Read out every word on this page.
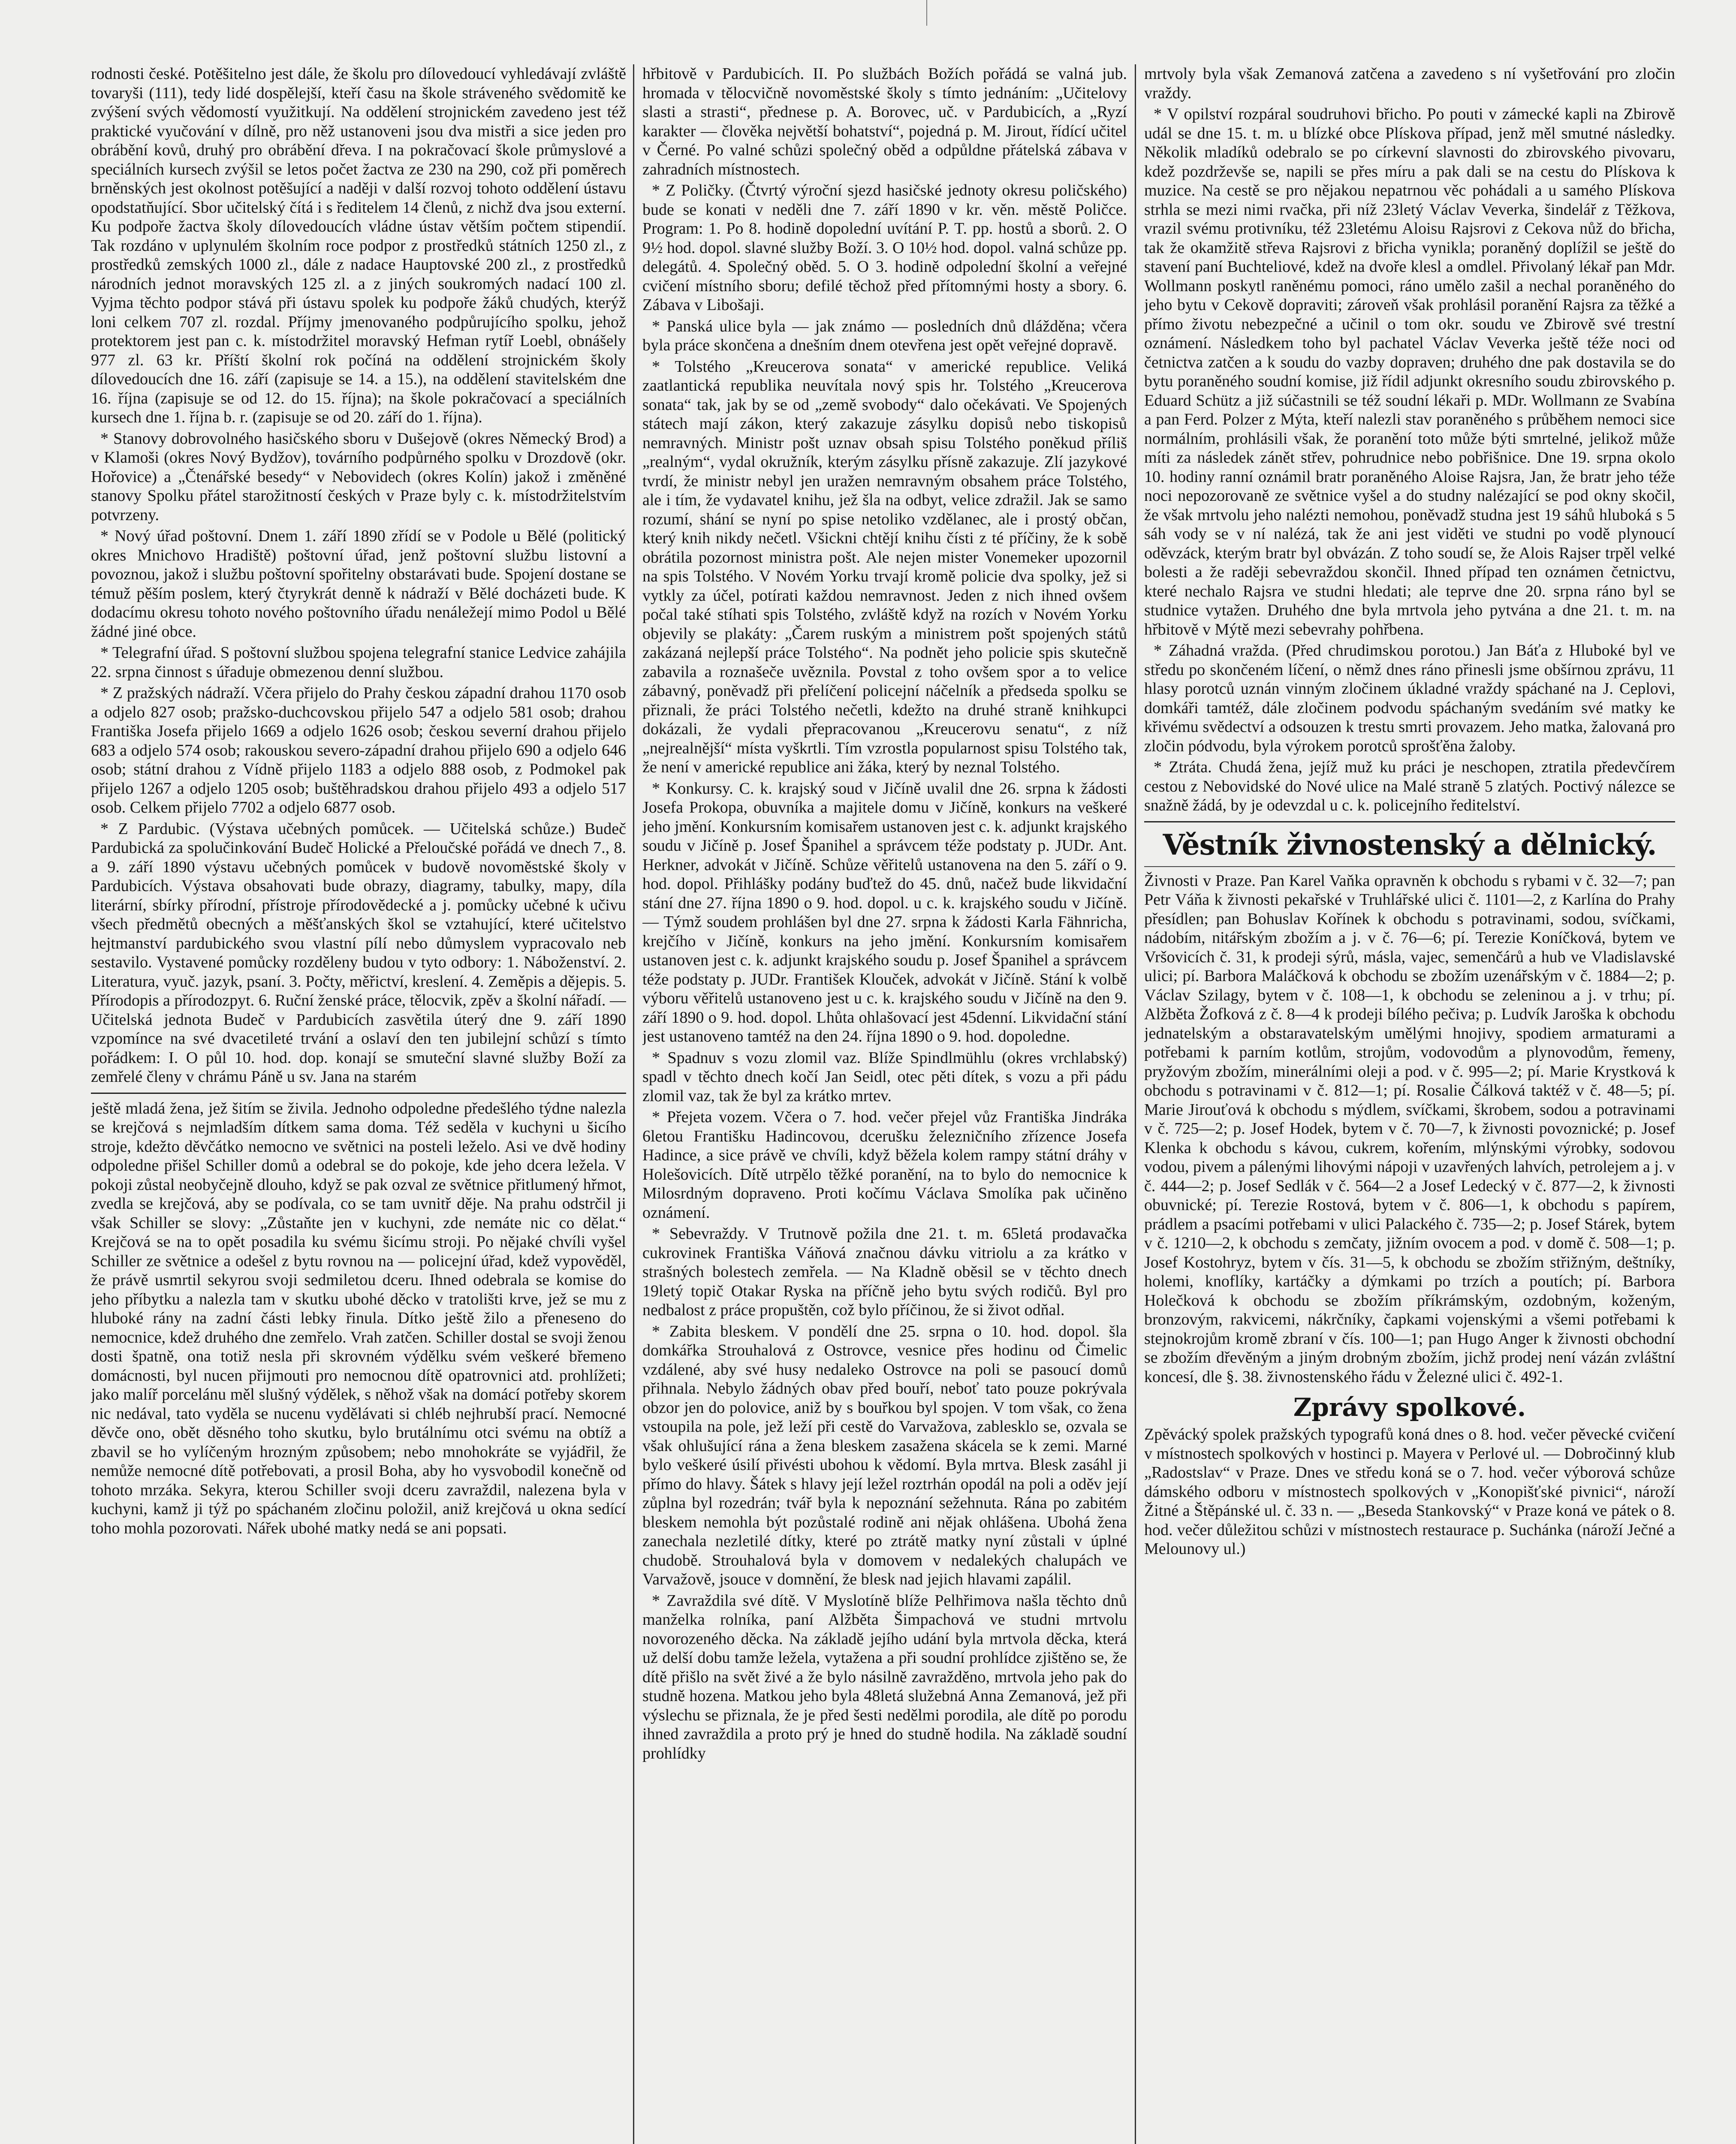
rodnosti české. Potěšitelno jest dále, že školu pro dílovedoucí vyhledávají zvláště tovaryši (111), tedy lidé dospělejší, kteří času na škole stráveného svědomitě ke zvýšení svých vědomostí využitkují. Na oddělení strojnickém zavedeno jest též praktické vyučování v dílně, pro něž ustanoveni jsou dva mistři a sice jeden pro obrábění kovů, druhý pro obrábění dřeva. I na pokračovací škole průmyslové a speciálních kursech zvýšil se letos počet žactva ze 230 na 290, což při poměrech brněnských jest okolnost potěšující a naději v další rozvoj tohoto oddělení ústavu opodstatňující. Sbor učitelský čítá i s ředitelem 14 členů, z nichž dva jsou externí. Ku podpoře žactva školy dílovedoucích vládne ústav větším počtem stipendií. Tak rozdáno v uplynulém školním roce podpor z prostředků státních 1250 zl., z prostředků zemských 1000 zl., dále z nadace Hauptovské 200 zl., z prostředků národních jednot moravských 125 zl. a z jiných soukromých nadací 100 zl. Vyjma těchto podpor stává při ústavu spolek ku podpoře žáků chudých, kterýž loni celkem 707 zl. rozdal. Příjmy jmenovaného podpůrujícího spolku, jehož protektorem jest pan c. k. místodržitel moravský Hefman rytíř Loebl, obnášely 977 zl. 63 kr. Příští školní rok počíná na oddělení strojnickém školy dílovedoucích dne 16. září (zapisuje se 14. a 15.), na oddělení stavitelském dne 16. října (zapisuje se od 12. do 15. října); na škole pokračovací a speciálních kursech dne 1. října b. r. (zapisuje se od 20. září do 1. října).

* Stanovy dobrovolného hasičského sboru v Dušejově (okres Německý Brod) a v Klamoši (okres Nový Bydžov), továrního podpůrného spolku v Drozdově (okr. Hořovice) a „Čtenářské besedy“ v Nebovidech (okres Kolín) jakož i změněné stanovy Spolku přátel starožitností českých v Praze byly c. k. místodržitelstvím potvrzeny.

* Nový úřad poštovní. Dnem 1. září 1890 zřídí se v Podole u Bělé (politický okres Mnichovo Hradiště) poštovní úřad, jenž poštovní službu listovní a povoznou, jakož i službu poštovní spořitelny obstarávati bude. Spojení dostane se témuž pěším poslem, který čtyrykrát denně k nádraží v Bělé docházeti bude. K dodacímu okresu tohoto nového poštovního úřadu nenáležejí mimo Podol u Bělé žádné jiné obce.

* Telegrafní úřad. S poštovní službou spojena telegrafní stanice Ledvice zahájila 22. srpna činnost s úřaduje obmezenou denní službou.

* Z pražských nádraží. Včera přijelo do Prahy českou západní drahou 1170 osob a odjelo 827 osob; pražsko-duchcovskou přijelo 547 a odjelo 581 osob; drahou Františka Josefa přijelo 1669 a odjelo 1626 osob; českou severní drahou přijelo 683 a odjelo 574 osob; rakouskou severo-západní drahou přijelo 690 a odjelo 646 osob; státní drahou z Vídně přijelo 1183 a odjelo 888 osob, z Podmokel pak přijelo 1267 a odjelo 1205 osob; buštěhradskou drahou přijelo 493 a odjelo 517 osob. Celkem přijelo 7702 a odjelo 6877 osob.

* Z Pardubic. (Výstava učebných pomůcek. — Učitelská schůze.) Budeč Pardubická za spolučinkování Budeč Holické a Přeloučské pořádá ve dnech 7., 8. a 9. září 1890 výstavu učebných pomůcek v budově novoměstské školy v Pardubicích. Výstava obsahovati bude obrazy, diagramy, tabulky, mapy, díla literární, sbírky přírodní, přístroje přírodovědecké a j. pomůcky učebné k učivu všech předmětů obecných a měšťanských škol se vztahující, které učitelstvo hejtmanství pardubického svou vlastní pílí nebo důmyslem vypracovalo neb sestavilo. Vystavené pomůcky rozděleny budou v tyto odbory: 1. Náboženství. 2. Literatura, vyuč. jazyk, psaní. 3. Počty, měřictví, kreslení. 4. Zeměpis a dějepis. 5. Přírodopis a přírodozpyt. 6. Ruční ženské práce, tělocvik, zpěv a školní nářadí. — Učitelská jednota Budeč v Pardubicích zasvětila úterý dne 9. září 1890 vzpomínce na své dvacetileté trvání a oslaví den ten jubilejní schůzí s tímto pořádkem: I. O půl 10. hod. dop. konají se smuteční slavné služby Boží za zemřelé členy v chrámu Páně u sv. Jana na starém

ještě mladá žena, jež šitím se živila. Jednoho odpoledne předešlého týdne nalezla se krejčová s nejmladším dítkem sama doma. Též seděla v kuchyni u šicího stroje, kdežto děvčátko nemocno ve světnici na posteli leželo. Asi ve dvě hodiny odpoledne přišel Schiller domů a odebral se do pokoje, kde jeho dcera ležela. V pokoji zůstal neobyčejně dlouho, když se pak ozval ze světnice přitlumený hřmot, zvedla se krejčová, aby se podívala, co se tam uvnitř děje. Na prahu odstrčil ji však Schiller se slovy: „Zůstaňte jen v kuchyni, zde nemáte nic co dělat.“ Krejčová se na to opět posadila ku svému šicímu stroji. Po nějaké chvíli vyšel Schiller ze světnice a odešel z bytu rovnou na — policejní úřad, kdež vypověděl, že právě usmrtil sekyrou svoji sedmiletou dceru. Ihned odebrala se komise do jeho příbytku a nalezla tam v skutku ubohé děcko v tratolišti krve, jež se mu z hluboké rány na zadní části lebky řinula. Dítko ještě žilo a přeneseno do nemocnice, kdež druhého dne zemřelo. Vrah zatčen. Schiller dostal se svoji ženou dosti špatně, ona totiž nesla při skrovném výdělku svém veškeré břemeno domácnosti, byl nucen přijmouti pro nemocnou dítě opatrovnici atd. prohlížeti; jako malíř porcelánu měl slušný výdělek, s něhož však na domácí potřeby skorem nic nedával, tato vyděla se nucenu vydělávati si chléb nejhrubší prací. Nemocné děvče ono, obět děsného toho skutku, bylo brutálnímu otci svému na obtíž a zbavil se ho vylíčeným hrozným způsobem; nebo mnohokráte se vyjádřil, že nemůže nemocné dítě potřebovati, a prosil Boha, aby ho vysvobodil konečně od tohoto mrzáka. Sekyra, kterou Schiller svoji dceru zavraždil, nalezena byla v kuchyni, kamž ji týž po spáchaném zločinu položil, aniž krejčová u okna sedící toho mohla pozorovati. Nářek ubohé matky nedá se ani popsati.

hřbitově v Pardubicích. II. Po službách Božích pořádá se valná jub. hromada v tělocvičně novoměstské školy s tímto jednáním: „Učitelovy slasti a strasti“, přednese p. A. Borovec, uč. v Pardubicích, a „Ryzí karakter — člověka největší bohatství“, pojedná p. M. Jirout, řídící učitel v Černé. Po valné schůzi společný oběd a odpůldne přátelská zábava v zahradních místnostech.

* Z Poličky. (Čtvrtý výroční sjezd hasičské jednoty okresu poličského) bude se konati v neděli dne 7. září 1890 v kr. věn. městě Poličce. Program: 1. Po 8. hodině dopolední uvítání P. T. pp. hostů a sborů. 2. O 9½ hod. dopol. slavné služby Boží. 3. O 10½ hod. dopol. valná schůze pp. delegátů. 4. Společný oběd. 5. O 3. hodině odpolední školní a veřejné cvičení místního sboru; defilé těchož před přítomnými hosty a sbory. 6. Zábava v Libošaji.

* Panská ulice byla — jak známo — posledních dnů dlážděna; včera byla práce skončena a dnešním dnem otevřena jest opět veřejné dopravě.

* Tolstého „Kreucerova sonata“ v americké republice. Veliká zaatlantická republika neuvítala nový spis hr. Tolstého „Kreucerova sonata“ tak, jak by se od „země svobody“ dalo očekávati. Ve Spojených státech mají zákon, který zakazuje zásylku dopisů nebo tiskopisů nemravných. Ministr pošt uznav obsah spisu Tolstého poněkud příliš „realným“, vydal okružník, kterým zásylku přísně zakazuje. Zlí jazykové tvrdí, že ministr nebyl jen uražen nemravným obsahem práce Tolstého, ale i tím, že vydavatel knihu, jež šla na odbyt, velice zdražil. Jak se samo rozumí, shání se nyní po spise netoliko vzdělanec, ale i prostý občan, který knih nikdy nečetl. Všickni chtějí knihu čísti z té příčiny, že k sobě obrátila pozornost ministra pošt. Ale nejen mister Vonemeker upozornil na spis Tolstého. V Novém Yorku trvají kromě policie dva spolky, jež si vytkly za účel, potírati každou nemravnost. Jeden z nich ihned ovšem počal také stíhati spis Tolstého, zvláště když na rozích v Novém Yorku objevily se plakáty: „Čarem ruským a ministrem pošt spojených států zakázaná nejlepší práce Tolstého“. Na podnět jeho policie spis skutečně zabavila a roznašeče uvěznila. Povstal z toho ovšem spor a to velice zábavný, poněvadž při přelíčení policejní náčelník a předseda spolku se přiznali, že práci Tolstého nečetli, kdežto na druhé straně knihkupci dokázali, že vydali přepracovanou „Kreucerovu senatu“, z níž „nejrealnější“ místa vyškrtli. Tím vzrostla popularnost spisu Tolstého tak, že není v americké republice ani žáka, který by neznal Tolstého.

* Konkursy. C. k. krajský soud v Jičíně uvalil dne 26. srpna k žádosti Josefa Prokopa, obuvníka a majitele domu v Jičíně, konkurs na veškeré jeho jmění. Konkursním komisařem ustanoven jest c. k. adjunkt krajského soudu v Jičíně p. Josef Španihel a správcem téže podstaty p. JUDr. Ant. Herkner, advokát v Jičíně. Schůze věřitelů ustanovena na den 5. září o 9. hod. dopol. Přihlášky podány buďtež do 45. dnů, načež bude likvidační stání dne 27. října 1890 o 9. hod. dopol. u c. k. krajského soudu v Jičíně. — Týmž soudem prohlášen byl dne 27. srpna k žádosti Karla Fähnricha, krejčího v Jičíně, konkurs na jeho jmění. Konkursním komisařem ustanoven jest c. k. adjunkt krajského soudu p. Josef Španihel a správcem téže podstaty p. JUDr. František Klouček, advokát v Jičíně. Stání k volbě výboru věřitelů ustanoveno jest u c. k. krajského soudu v Jičíně na den 9. září 1890 o 9. hod. dopol. Lhůta ohlašovací jest 45denní. Likvidační stání jest ustanoveno tamtéž na den 24. října 1890 o 9. hod. dopoledne.

* Spadnuv s vozu zlomil vaz. Blíže Spindlmühlu (okres vrchlabský) spadl v těchto dnech kočí Jan Seidl, otec pěti dítek, s vozu a při pádu zlomil vaz, tak že byl za krátko mrtev.

* Přejeta vozem. Včera o 7. hod. večer přejel vůz Františka Jindráka 6letou Františku Hadincovou, dcerušku železničního zřízence Josefa Hadince, a sice právě ve chvíli, když běžela kolem rampy státní dráhy v Holešovicích. Dítě utrpělo těžké poranění, na to bylo do nemocnice k Milosrdným dopraveno. Proti kočímu Václava Smolíka pak učiněno oznámení.

* Sebevraždy. V Trutnově požila dne 21. t. m. 65letá prodavačka cukrovinek Františka Váňová značnou dávku vitriolu a za krátko v strašných bolestech zemřela. — Na Kladně oběsil se v těchto dnech 19letý topič Otakar Ryska na příčně jeho bytu svých rodičů. Byl pro nedbalost z práce propuštěn, což bylo příčinou, že si život odňal.

* Zabita bleskem. V pondělí dne 25. srpna o 10. hod. dopol. šla domkářka Strouhalová z Ostrovce, vesnice přes hodinu od Čimelic vzdálené, aby své husy nedaleko Ostrovce na poli se pasoucí domů přihnala. Nebylo žádných obav před bouří, neboť tato pouze pokrývala obzor jen do polovice, aniž by s bouřkou byl spojen. V tom však, co žena vstoupila na pole, jež leží při cestě do Varvažova, zablesklo se, ozvala se však ohlušující rána a žena bleskem zasažena skácela se k zemi. Marné bylo veškeré úsilí přivésti ubohou k vědomí. Byla mrtva. Blesk zasáhl ji přímo do hlavy. Šátek s hlavy její ležel roztrhán opodál na poli a oděv její zůplna byl rozedrán; tvář byla k nepoznání sežehnuta. Rána po zabitém bleskem nemohla být pozůstalé rodině ani nějak ohlášena. Ubohá žena zanechala nezletilé dítky, které po ztrátě matky nyní zůstali v úplné chudobě. Strouhalová byla v domovem v nedalekých chalupách ve Varvažově, jsouce v domnění, že blesk nad jejich hlavami zapálil.

* Zavraždila své dítě. V Myslotíně blíže Pelhřimova našla těchto dnů manželka rolníka, paní Alžběta Šimpachová ve studni mrtvolu novorozeného děcka. Na základě jejího udání byla mrtvola děcka, která už delší dobu tamže ležela, vytažena a při soudní prohlídce zjištěno se, že dítě přišlo na svět živé a že bylo násilně zavražděno, mrtvola jeho pak do studně hozena. Matkou jeho byla 48letá služebná Anna Zemanová, jež při výslechu se přiznala, že je před šesti nedělmi porodila, ale dítě po porodu ihned zavraždila a proto prý je hned do studně hodila. Na základě soudní prohlídky

mrtvoly byla však Zemanová zatčena a zavedeno s ní vyšetřování pro zločin vraždy.

* V opilství rozpáral soudruhovi břicho. Po pouti v zámecké kapli na Zbirově udál se dne 15. t. m. u blízké obce Plískova případ, jenž měl smutné následky. Několik mladíků odebralo se po církevní slavnosti do zbirovského pivovaru, kdež pozdrževše se, napili se přes míru a pak dali se na cestu do Plískova k muzice. Na cestě se pro nějakou nepatrnou věc pohádali a u samého Plískova strhla se mezi nimi rvačka, při níž 23letý Václav Veverka, šindelář z Těžkova, vrazil svému protivníku, též 23letému Aloisu Rajsrovi z Cekova nůž do břicha, tak že okamžitě střeva Rajsrovi z břicha vynikla; poraněný doplížil se ještě do stavení paní Buchteliové, kdež na dvoře klesl a omdlel. Přivolaný lékař pan Mdr. Wollmann poskytl raněnému pomoci, ráno umělo zašil a nechal poraněného do jeho bytu v Cekově dopraviti; zároveň však prohlásil poranění Rajsra za těžké a přímo životu nebezpečné a učinil o tom okr. soudu ve Zbirově své trestní oznámení. Následkem toho byl pachatel Václav Veverka ještě téže noci od četnictva zatčen a k soudu do vazby dopraven; druhého dne pak dostavila se do bytu poraněného soudní komise, již řídil adjunkt okresního soudu zbirovského p. Eduard Schütz a již súčastnili se též soudní lékaři p. MDr. Wollmann ze Svabína a pan Ferd. Polzer z Mýta, kteří nalezli stav poraněného s průběhem nemoci sice normálním, prohlásili však, že poranění toto může býti smrtelné, jelikož může míti za následek zánět střev, pohrudnice nebo pobřišnice. Dne 19. srpna okolo 10. hodiny ranní oznámil bratr poraněného Aloise Rajsra, Jan, že bratr jeho téže noci nepozorovaně ze světnice vyšel a do studny nalézající se pod okny skočil, že však mrtvolu jeho nalézti nemohou, poněvadž studna jest 19 sáhů hluboká s 5 sáh vody se v ní nalézá, tak že ani jest viděti ve studni po vodě plynoucí oděvzáck, kterým bratr byl obvázán. Z toho soudí se, že Alois Rajser trpěl velké bolesti a že raději sebevraždou skončil. Ihned případ ten oznámen četnictvu, které nechalo Rajsra ve studni hledati; ale teprve dne 20. srpna ráno byl se studnice vytažen. Druhého dne byla mrtvola jeho pytvána a dne 21. t. m. na hřbitově v Mýtě mezi sebevrahy pohřbena.

* Záhadná vražda. (Před chrudimskou porotou.) Jan Báťa z Hluboké byl ve středu po skončeném líčení, o němž dnes ráno přinesli jsme obšírnou zprávu, 11 hlasy porotců uznán vinným zločinem úkladné vraždy spáchané na J. Ceplovi, domkáři tamtéž, dále zločinem podvodu spáchaným svedáním své matky ke křivému svědectví a odsouzen k trestu smrti provazem. Jeho matka, žalovaná pro zločin pódvodu, byla výrokem porotců sprošťěna žaloby.

* Ztráta. Chudá žena, jejíž muž ku práci je neschopen, ztratila předevčírem cestou z Nebovidské do Nové ulice na Malé straně 5 zlatých. Poctivý nálezce se snažně žádá, by je odevzdal u c. k. policejního ředitelství.

Věstník živnostenský a dělnický.

Živnosti v Praze. Pan Karel Vaňka opravněn k obchodu s rybami v č. 32—7; pan Petr Váňa k živnosti pekařské v Truhlářské ulici č. 1101—2, z Karlína do Prahy přesídlen; pan Bohuslav Kořínek k obchodu s potravinami, sodou, svíčkami, nádobím, nitářským zbožím a j. v č. 76—6; pí. Terezie Koníčková, bytem ve Vršovicích č. 31, k prodeji sýrů, másla, vajec, semenčárů a hub ve Vladislavské ulici; pí. Barbora Maláčková k obchodu se zbožím uzenářským v č. 1884—2; p. Václav Szilagy, bytem v č. 108—1, k obchodu se zeleninou a j. v trhu; pí. Alžběta Žofková z č. 8—4 k prodeji bílého pečiva; p. Ludvík Jaroška k obchodu jednatelským a obstaravatelským umělými hnojivy, spodiem armaturami a potřebami k parním kotlům, strojům, vodovodům a plynovodům, řemeny, pryžovým zbožím, minerálními oleji a pod. v č. 995—2; pí. Marie Krystková k obchodu s potravinami v č. 812—1; pí. Rosalie Čálková taktéž v č. 48—5; pí. Marie Jirouťová k obchodu s mýdlem, svíčkami, škrobem, sodou a potravinami v č. 725—2; p. Josef Hodek, bytem v č. 70—7, k živnosti povoznické; p. Josef Klenka k obchodu s kávou, cukrem, kořením, mlýnskými výrobky, sodovou vodou, pivem a pálenými lihovými nápoji v uzavřených lahvích, petrolejem a j. v č. 444—2; p. Josef Sedlák v č. 564—2 a Josef Ledecký v č. 877—2, k živnosti obuvnické; pí. Terezie Rostová, bytem v č. 806—1, k obchodu s papírem, prádlem a psacími potřebami v ulici Palackého č. 735—2; p. Josef Stárek, bytem v č. 1210—2, k obchodu s zemčaty, jižním ovocem a pod. v domě č. 508—1; p. Josef Kostohryz, bytem v čís. 31—5, k obchodu se zbožím střižným, deštníky, holemi, knoflíky, kartáčky a dýmkami po trzích a poutích; pí. Barbora Holečková k obchodu se zbožím příkrámským, ozdobným, koženým, bronzovým, rakvicemi, nákrčníky, čapkami vojenskými a všemi potřebami k stejnokrojům kromě zbraní v čís. 100—1; pan Hugo Anger k živnosti obchodní se zbožím dřevěným a jiným drobným zbožím, jichž prodej není vázán zvláštní koncesí, dle §. 38. živnostenského řádu v Železné ulici č. 492-1.

Zprávy spolkové.

Zpěvácký spolek pražských typografů koná dnes o 8. hod. večer pěvecké cvičení v místnostech spolkových v hostinci p. Mayera v Perlové ul. — Dobročinný klub „Radostslav“ v Praze. Dnes ve středu koná se o 7. hod. večer výborová schůze dámského odboru v místnostech spolkových v „Konopišťské pivnici“, nároží Žitné a Štěpánské ul. č. 33 n. — „Beseda Stankovský“ v Praze koná ve pátek o 8. hod. večer důležitou schůzi v místnostech restaurace p. Suchánka (nároží Ječné a Melounovy ul.)
